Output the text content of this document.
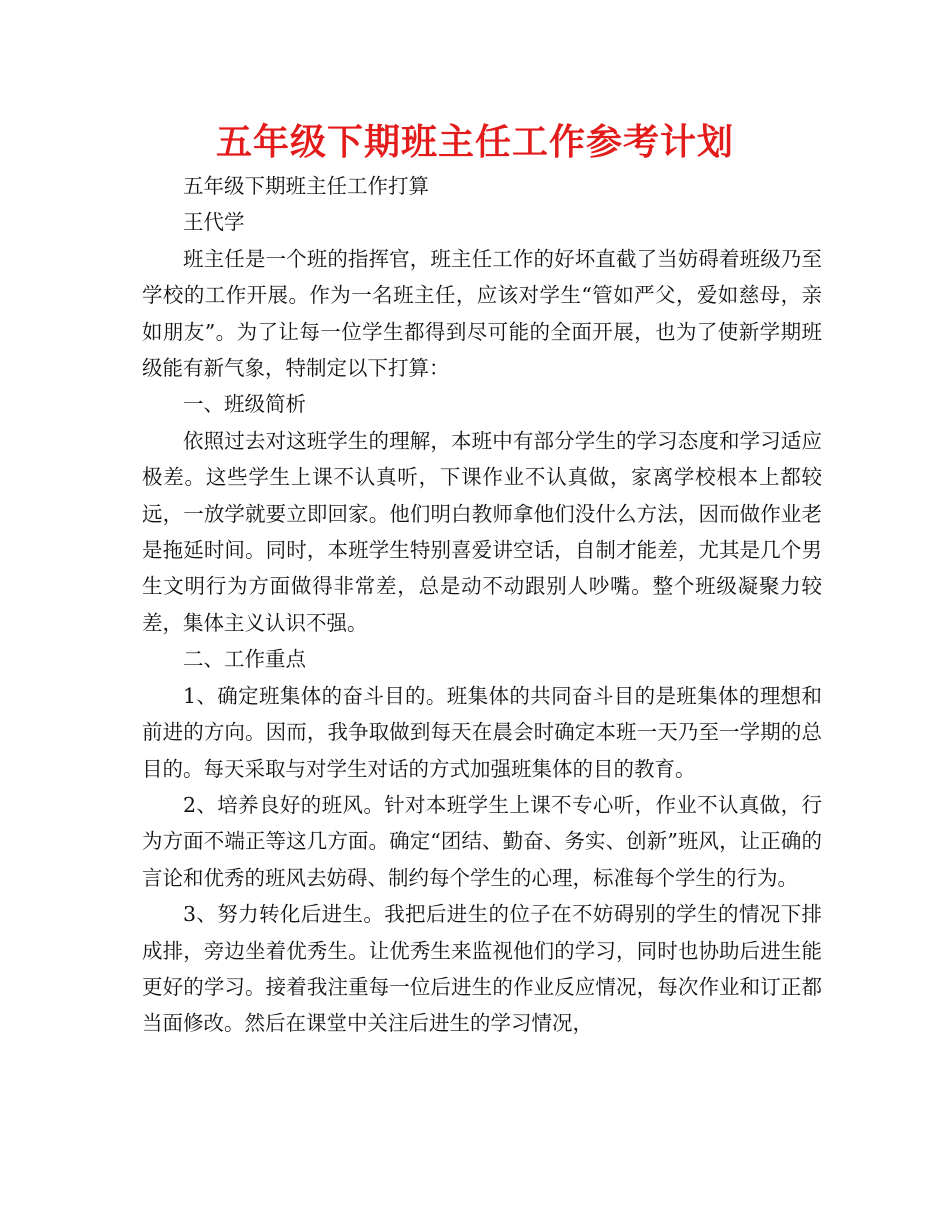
五年级下期班主任工作参考计划

五年级下期班主任工作打算

王代学

班主任是一个班的指挥官，班主任工作的好坏直截了当妨碍着班级乃至学校的工作开展。作为一名班主任，应该对学生“管如严父，爱如慈母，亲如朋友”。为了让每一位学生都得到尽可能的全面开展，也为了使新学期班级能有新气象，特制定以下打算：

一、班级简析

依照过去对这班学生的理解，本班中有部分学生的学习态度和学习适应极差。这些学生上课不认真听，下课作业不认真做，家离学校根本上都较远，一放学就要立即回家。他们明白教师拿他们没什么方法，因而做作业老是拖延时间。同时，本班学生特别喜爱讲空话，自制才能差，尤其是几个男生文明行为方面做得非常差，总是动不动跟别人吵嘴。整个班级凝聚力较差，集体主义认识不强。

二、工作重点

1、确定班集体的奋斗目的。班集体的共同奋斗目的是班集体的理想和前进的方向。因而，我争取做到每天在晨会时确定本班一天乃至一学期的总目的。每天采取与对学生对话的方式加强班集体的目的教育。

2、培养良好的班风。针对本班学生上课不专心听，作业不认真做，行为方面不端正等这几方面。确定“团结、勤奋、务实、创新”班风，让正确的言论和优秀的班风去妨碍、制约每个学生的心理，标准每个学生的行为。

3、努力转化后进生。我把后进生的位子在不妨碍别的学生的情况下排成排，旁边坐着优秀生。让优秀生来监视他们的学习，同时也协助后进生能更好的学习。接着我注重每一位后进生的作业反应情况，每次作业和订正都当面修改。然后在课堂中关注后进生的学习情况，
